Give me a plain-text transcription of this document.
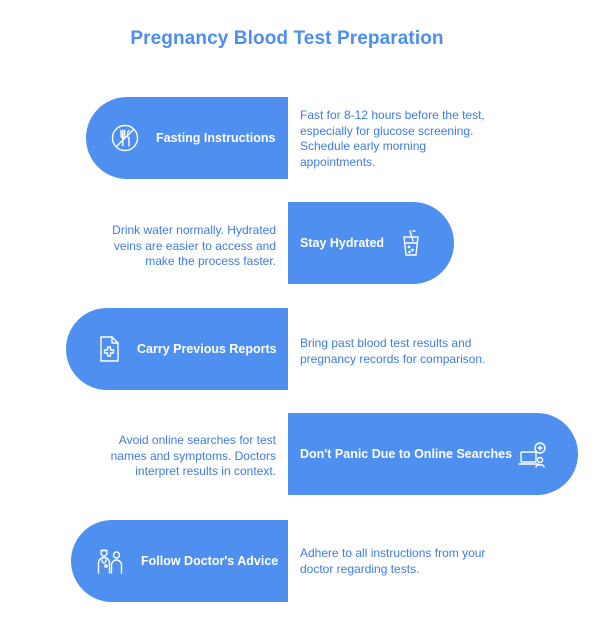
Pregnancy Blood Test Preparation
Fasting Instructions
Fast for 8-12 hours before the test, especially for glucose screening. Schedule early morning appointments.
Drink water normally. Hydrated veins are easier to access and make the process faster.
Stay Hydrated
Carry Previous Reports Bring past blood test results and pregnancy records for comparison.
Avoid online searches for test names and symptoms. Doctors interpret results in context.
Don't Panic Due to Online Searches
Follow Doctor's Advice
Adhere to all instructions from your doctor regarding tests.
